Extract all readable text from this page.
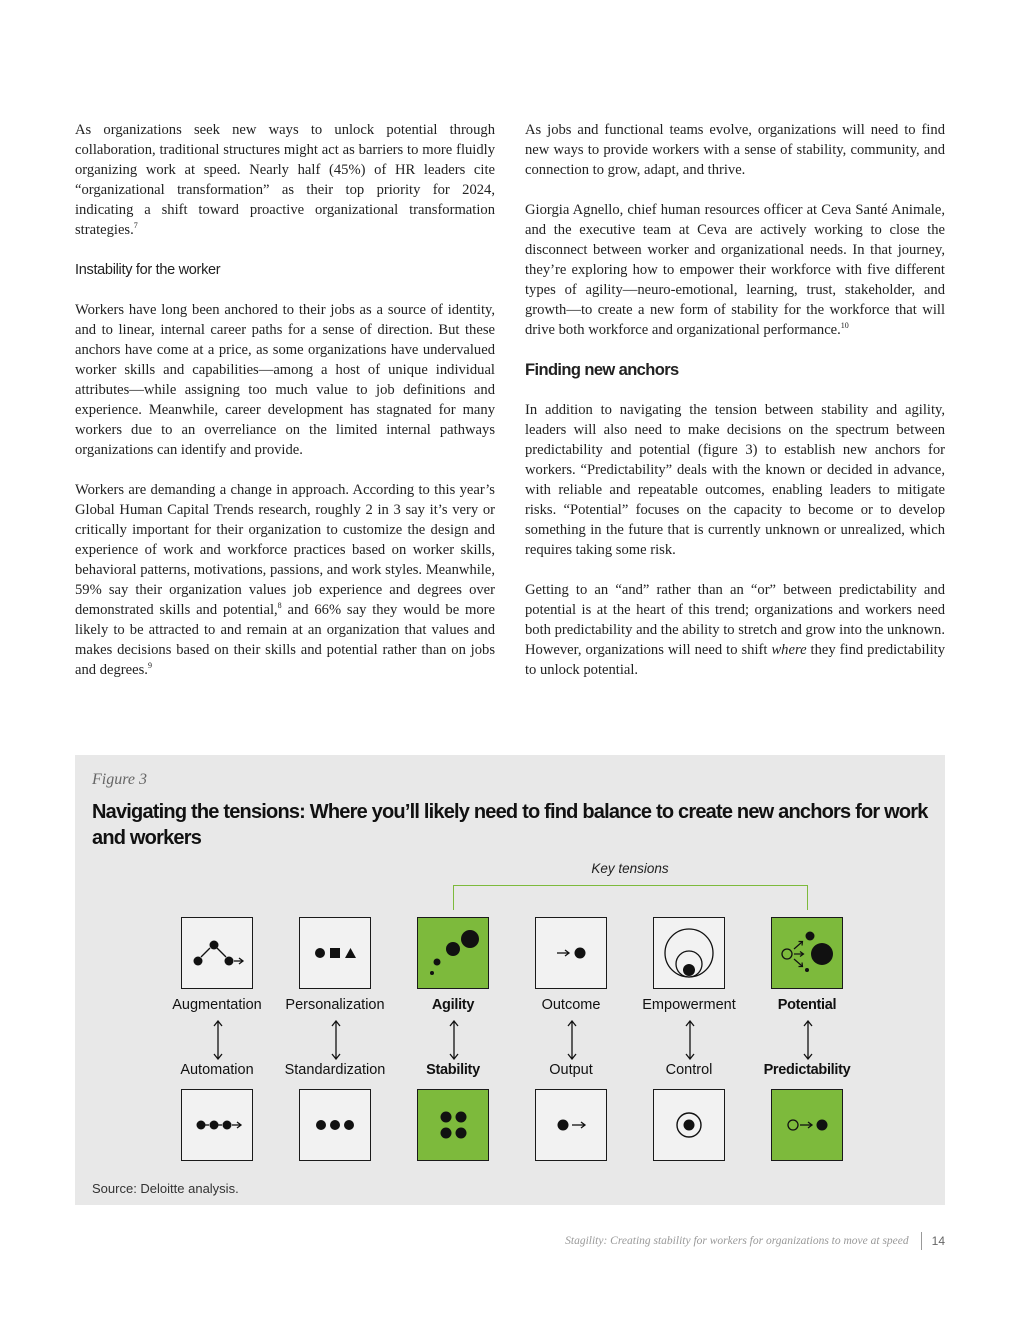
As organizations seek new ways to unlock potential through collaboration, traditional structures might act as barriers to more fluidly organizing work at speed. Nearly half (45%) of HR leaders cite “organizational transformation” as their top priority for 2024, indicating a shift toward proactive organizational transformation strategies.$^7$

Instability for the worker

Workers have long been anchored to their jobs as a source of identity, and to linear, internal career paths for a sense of direction. But these anchors have come at a price, as some organizations have undervalued worker skills and capabilities—among a host of unique individual attributes—while assigning too much value to job definitions and experience. Meanwhile, career development has stagnated for many workers due to an overreliance on the limited internal pathways organizations can identify and provide.

Workers are demanding a change in approach. According to this year’s Global Human Capital Trends research, roughly 2 in 3 say it’s very or critically important for their organization to customize the design and experience of work and workforce practices based on worker skills, behavioral patterns, motivations, passions, and work styles. Meanwhile, 59% say their organization values job experience and degrees over demonstrated skills and potential,$^8$ and 66% say they would be more likely to be attracted to and remain at an organization that values and makes decisions based on their skills and potential rather than on jobs and degrees.$^9$

As jobs and functional teams evolve, organizations will need to find new ways to provide workers with a sense of stability, community, and connection to grow, adapt, and thrive.

Giorgia Agnello, chief human resources officer at Ceva Santé Animale, and the executive team at Ceva are actively working to close the disconnect between worker and organizational needs. In that journey, they’re exploring how to empower their workforce with five different types of agility—neuro-emotional, learning, trust, stakeholder, and growth—to create a new form of stability for the workforce that will drive both workforce and organizational performance.$^{10}$

Finding new anchors

In addition to navigating the tension between stability and agility, leaders will also need to make decisions on the spectrum between predictability and potential (figure 3) to establish new anchors for workers. “Predictability” deals with the known or decided in advance, with reliable and repeatable outcomes, enabling leaders to mitigate risks. “Potential” focuses on the capacity to become or to develop something in the future that is currently unknown or unrealized, which requires taking some risk.

Getting to an “and” rather than an “or” between predictability and potential is at the heart of this trend; organizations and workers need both predictability and the ability to stretch and grow into the unknown. However, organizations will need to shift where they find predictability to unlock potential.

Figure 3
Navigating the tensions: Where you’ll likely need to find balance to create new anchors for work and workers
Key tensions
Augmentation
Automation
Personalization
Standardization
Agility
Stability
Outcome
Output
Empowerment
Control
Potential
Predictability
Source: Deloitte analysis.
Stagility: Creating stability for workers for organizations to move at speed 14
